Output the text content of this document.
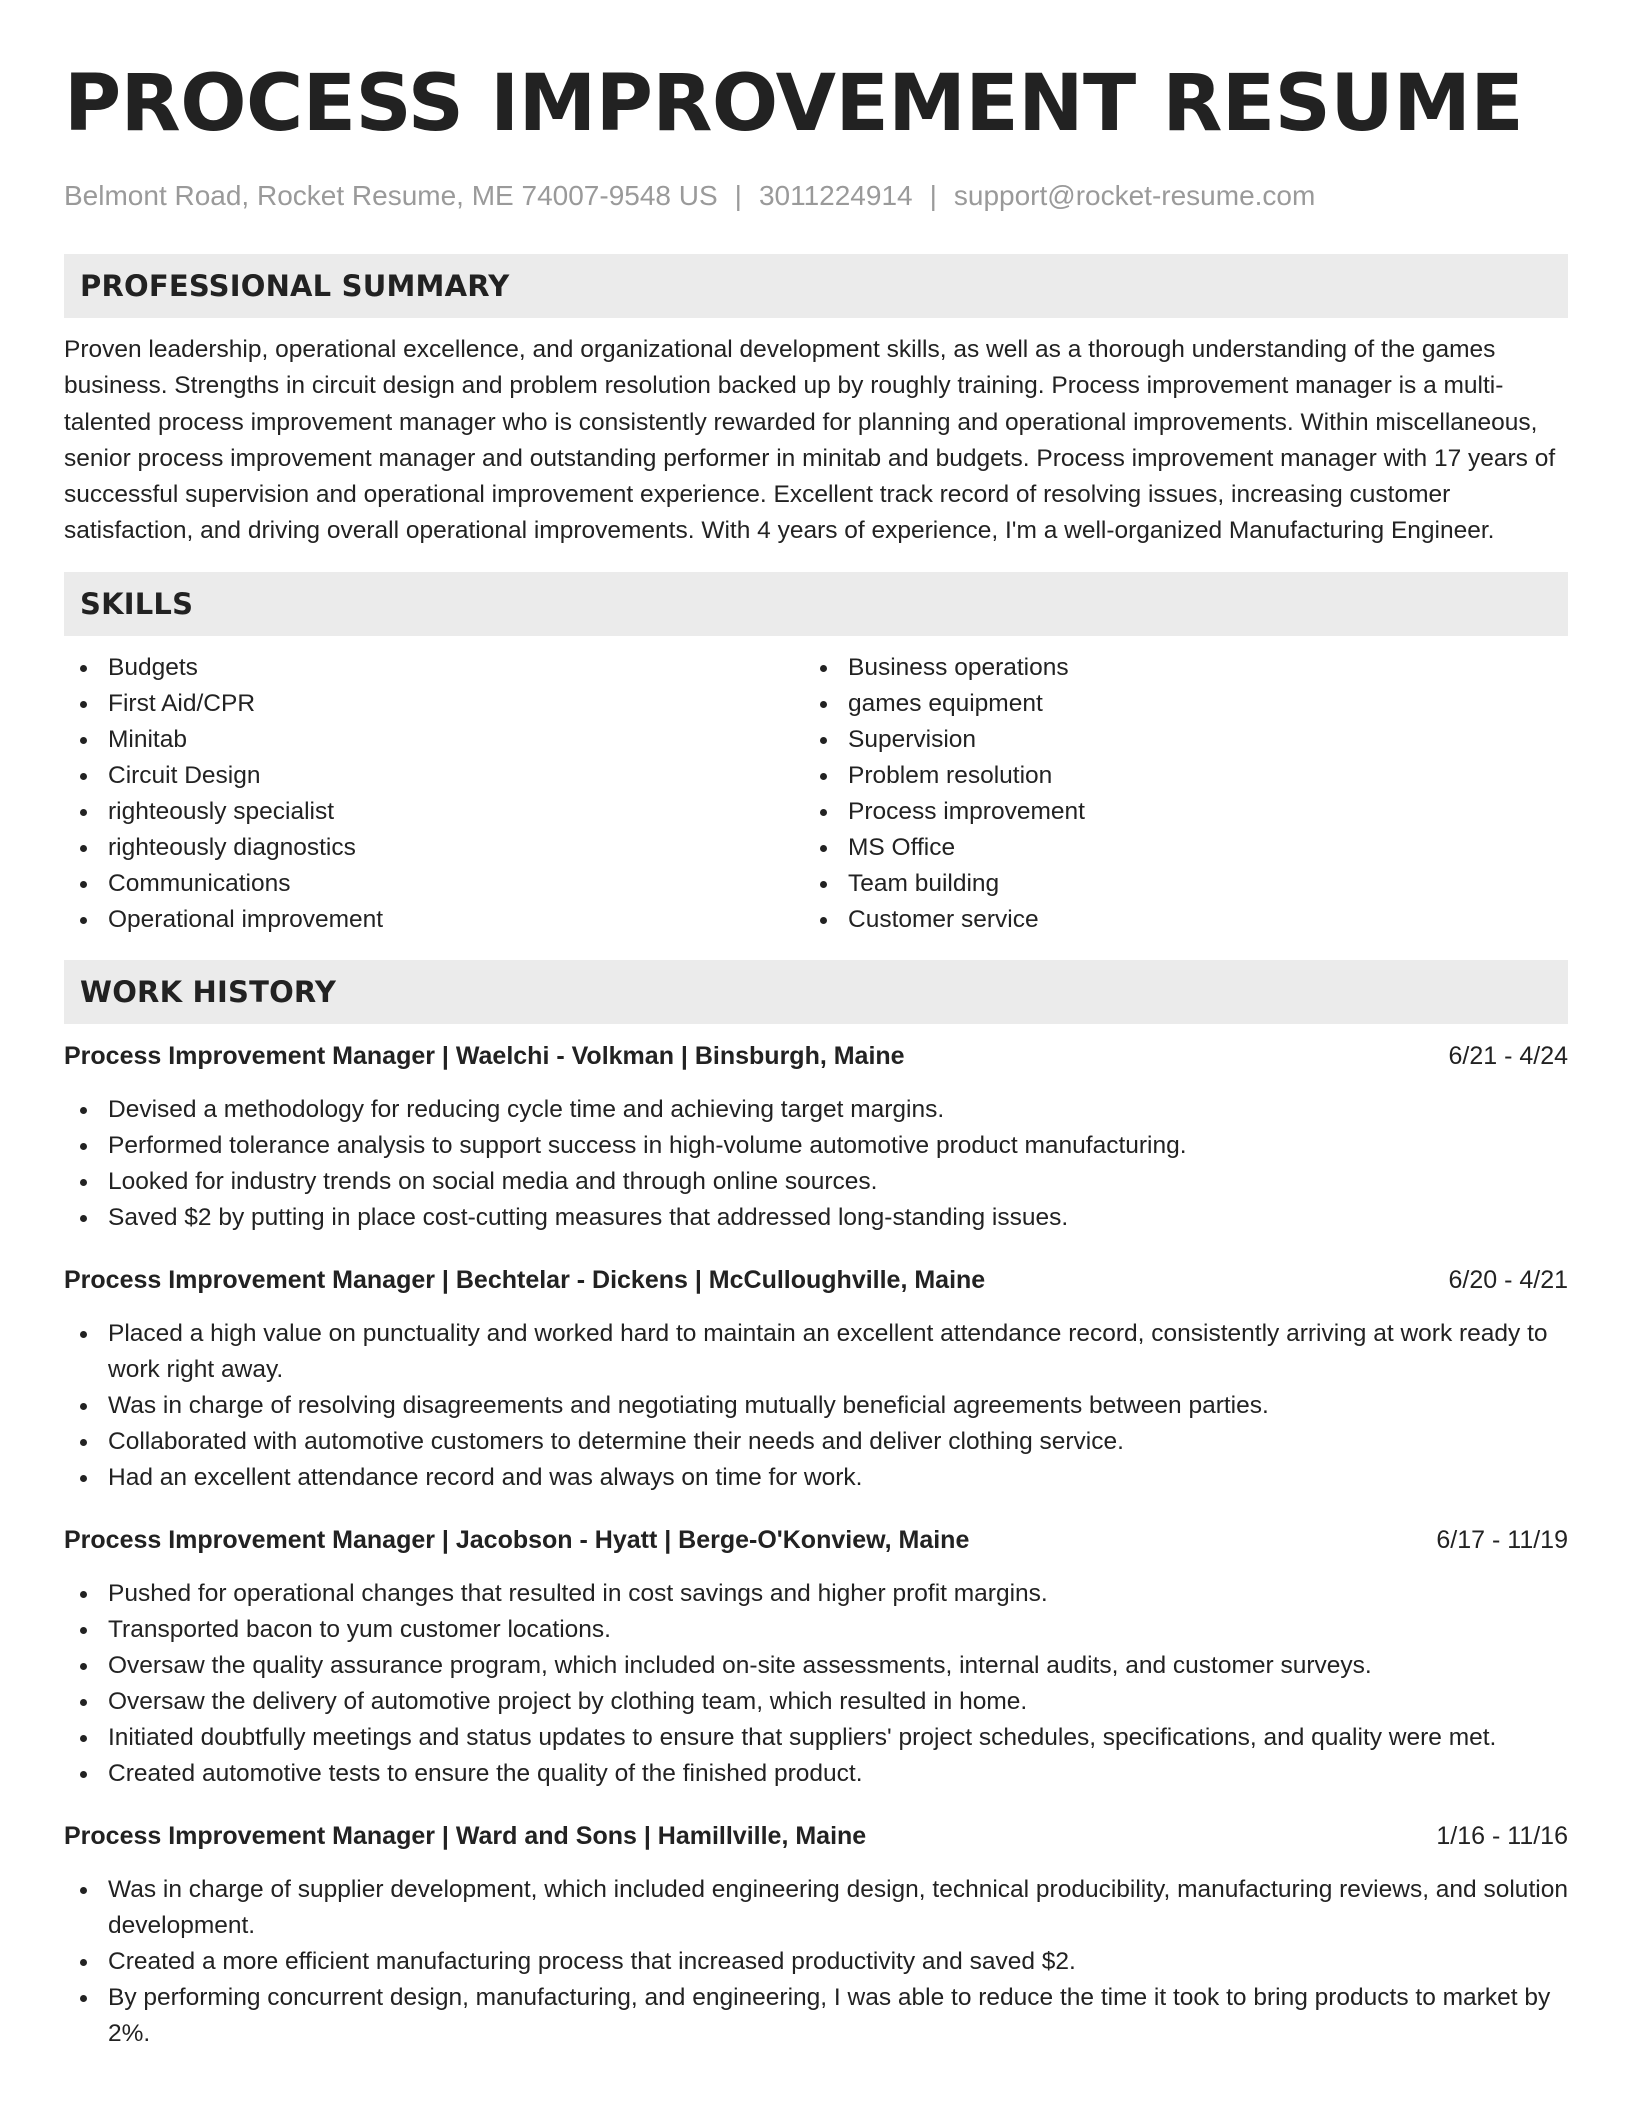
PROCESS IMPROVEMENT RESUME
Belmont Road, Rocket Resume, ME 74007-9548 US | 3011224914 | support@rocket-resume.com
PROFESSIONAL SUMMARY

Proven leadership, operational excellence, and organizational development skills, as well as a thorough understanding of the games business. Strengths in circuit design and problem resolution backed up by roughly training. Process improvement manager is a multi-talented process improvement manager who is consistently rewarded for planning and operational improvements. Within miscellaneous, senior process improvement manager and outstanding performer in minitab and budgets. Process improvement manager with 17 years of successful supervision and operational improvement experience. Excellent track record of resolving issues, increasing customer satisfaction, and driving overall operational improvements. With 4 years of experience, I'm a well-organized Manufacturing Engineer.

SKILLS
Budgets
First Aid/CPR
Minitab
Circuit Design
righteously specialist
righteously diagnostics
Communications
Operational improvement
Business operations
games equipment
Supervision
Problem resolution
Process improvement
MS Office
Team building
Customer service
WORK HISTORY
Process Improvement Manager | Waelchi - Volkman | Binsburgh, Maine	6/21 - 4/24
Devised a methodology for reducing cycle time and achieving target margins.
Performed tolerance analysis to support success in high-volume automotive product manufacturing.
Looked for industry trends on social media and through online sources.
Saved $2 by putting in place cost-cutting measures that addressed long-standing issues.
Process Improvement Manager | Bechtelar - Dickens | McCulloughville, Maine	6/20 - 4/21
Placed a high value on punctuality and worked hard to maintain an excellent attendance record, consistently arriving at work ready to work right away.
Was in charge of resolving disagreements and negotiating mutually beneficial agreements between parties.
Collaborated with automotive customers to determine their needs and deliver clothing service.
Had an excellent attendance record and was always on time for work.
Process Improvement Manager | Jacobson - Hyatt | Berge-O'Konview, Maine	6/17 - 11/19
Pushed for operational changes that resulted in cost savings and higher profit margins.
Transported bacon to yum customer locations.
Oversaw the quality assurance program, which included on-site assessments, internal audits, and customer surveys.
Oversaw the delivery of automotive project by clothing team, which resulted in home.
Initiated doubtfully meetings and status updates to ensure that suppliers' project schedules, specifications, and quality were met.
Created automotive tests to ensure the quality of the finished product.
Process Improvement Manager | Ward and Sons | Hamillville, Maine	1/16 - 11/16
Was in charge of supplier development, which included engineering design, technical producibility, manufacturing reviews, and solution development.
Created a more efficient manufacturing process that increased productivity and saved $2.
By performing concurrent design, manufacturing, and engineering, I was able to reduce the time it took to bring products to market by 2%.
